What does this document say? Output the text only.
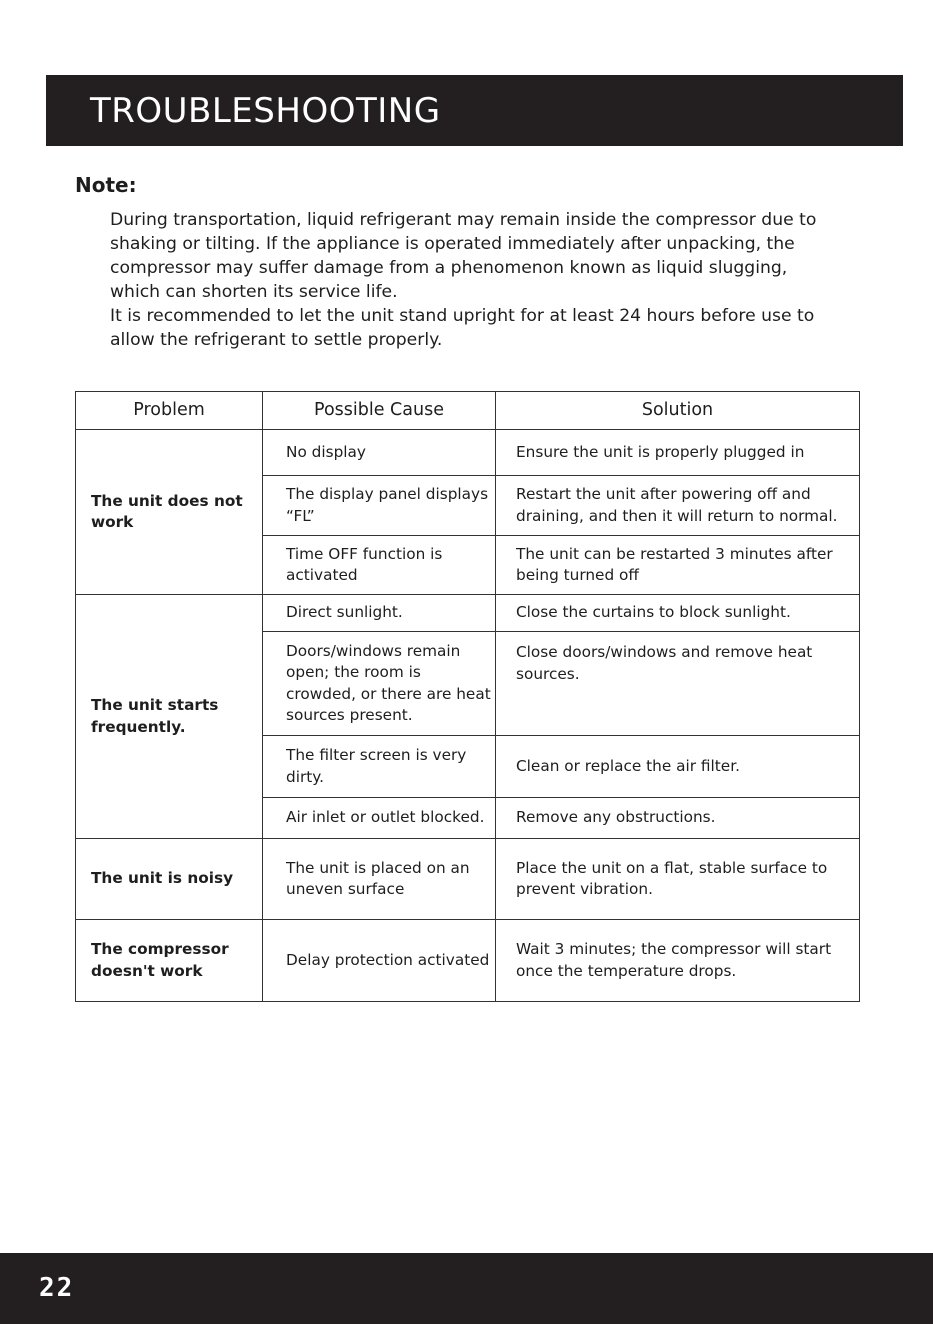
TROUBLESHOOTING
Note:
During transportation, liquid refrigerant may remain inside the compressor due to
shaking or tilting. If the appliance is operated immediately after unpacking, the
compressor may suffer damage from a phenomenon known as liquid slugging,
which can shorten its service life.
It is recommended to let the unit stand upright for at least 24 hours before use to
allow the refrigerant to settle properly.
Problem	Possible Cause	Solution
The unit does not work	No display	Ensure the unit is properly plugged in
	The display panel displays “FL”	Restart the unit after powering off and draining, and then it will return to normal.
	Time OFF function is activated	The unit can be restarted 3 minutes after being turned off
The unit starts frequently.	Direct sunlight.	Close the curtains to block sunlight.
	Doors/windows remain open; the room is crowded, or there are heat sources present.	Close doors/windows and remove heat sources.
	The filter screen is very dirty.	Clean or replace the air filter.
	Air inlet or outlet blocked.	Remove any obstructions.
The unit is noisy	The unit is placed on an uneven surface	Place the unit on a flat, stable surface to prevent vibration.
The compressor doesn't work	Delay protection activated	Wait 3 minutes; the compressor will start once the temperature drops.
22
